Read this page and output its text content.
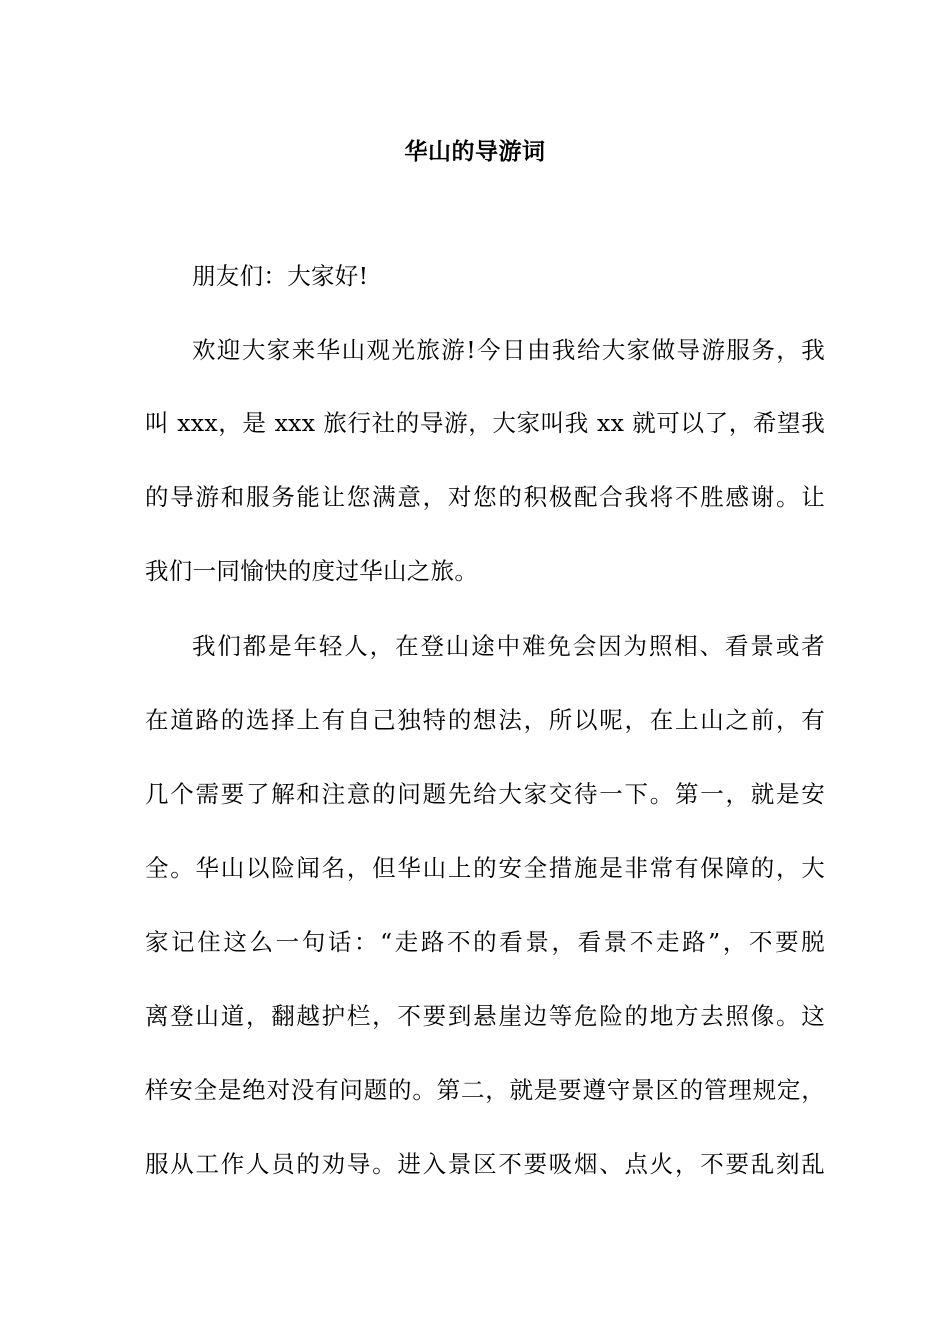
华山的导游词
朋友们：大家好!
欢迎大家来华山观光旅游!今日由我给大家做导游服务，我
叫 xxx，是 xxx 旅行社的导游，大家叫我 xx 就可以了，希望我
的导游和服务能让您满意，对您的积极配合我将不胜感谢。让
我们一同愉快的度过华山之旅。
我们都是年轻人，在登山途中难免会因为照相、看景或者
在道路的选择上有自己独特的想法，所以呢，在上山之前，有
几个需要了解和注意的问题先给大家交待一下。第一，就是安
全。华山以险闻名，但华山上的安全措施是非常有保障的，大
家记住这么一句话：“走路不的看景，看景不走路”，不要脱
离登山道，翻越护栏，不要到悬崖边等危险的地方去照像。这
样安全是绝对没有问题的。第二，就是要遵守景区的管理规定，
服从工作人员的劝导。进入景区不要吸烟、点火，不要乱刻乱
